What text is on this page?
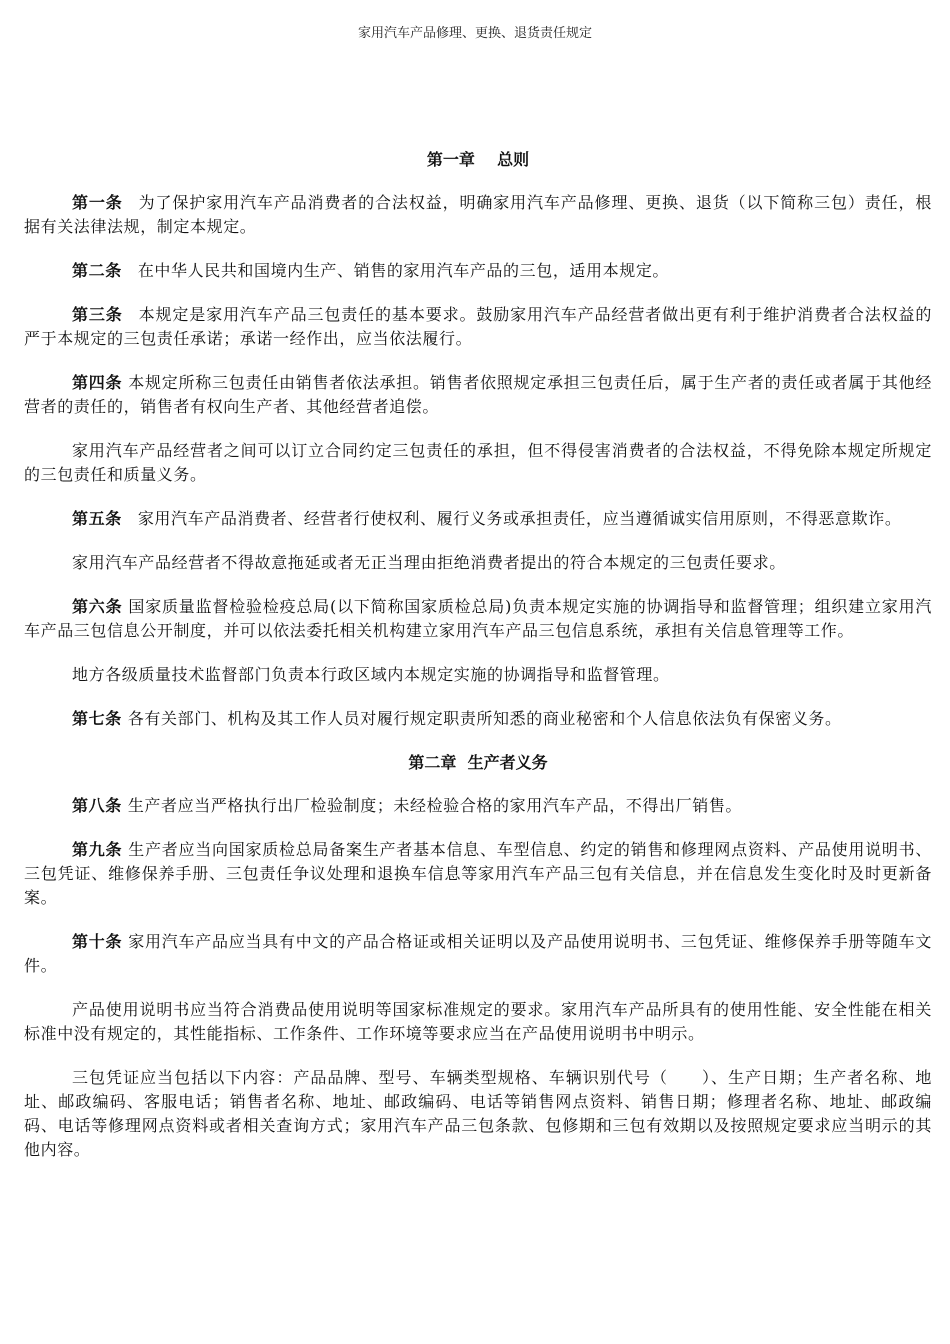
家用汽车产品修理、更换、退货责任规定
第一章    总则

第一条 为了保护家用汽车产品消费者的合法权益，明确家用汽车产品修理、更换、退货（以下简称三包）责任，根据有关法律法规，制定本规定。

第二条 在中华人民共和国境内生产、销售的家用汽车产品的三包，适用本规定。

第三条 本规定是家用汽车产品三包责任的基本要求。鼓励家用汽车产品经营者做出更有利于维护消费者合法权益的严于本规定的三包责任承诺；承诺一经作出，应当依法履行。

第四条 本规定所称三包责任由销售者依法承担。销售者依照规定承担三包责任后，属于生产者的责任或者属于其他经营者的责任的，销售者有权向生产者、其他经营者追偿。

家用汽车产品经营者之间可以订立合同约定三包责任的承担，但不得侵害消费者的合法权益，不得免除本规定所规定的三包责任和质量义务。

第五条 家用汽车产品消费者、经营者行使权利、履行义务或承担责任，应当遵循诚实信用原则，不得恶意欺诈。

家用汽车产品经营者不得故意拖延或者无正当理由拒绝消费者提出的符合本规定的三包责任要求。

第六条 国家质量监督检验检疫总局(以下简称国家质检总局)负责本规定实施的协调指导和监督管理；组织建立家用汽车产品三包信息公开制度，并可以依法委托相关机构建立家用汽车产品三包信息系统，承担有关信息管理等工作。

地方各级质量技术监督部门负责本行政区域内本规定实施的协调指导和监督管理。

第七条 各有关部门、机构及其工作人员对履行规定职责所知悉的商业秘密和个人信息依法负有保密义务。

第二章  生产者义务

第八条 生产者应当严格执行出厂检验制度；未经检验合格的家用汽车产品，不得出厂销售。

第九条 生产者应当向国家质检总局备案生产者基本信息、车型信息、约定的销售和修理网点资料、产品使用说明书、三包凭证、维修保养手册、三包责任争议处理和退换车信息等家用汽车产品三包有关信息，并在信息发生变化时及时更新备案。

第十条 家用汽车产品应当具有中文的产品合格证或相关证明以及产品使用说明书、三包凭证、维修保养手册等随车文件。

产品使用说明书应当符合消费品使用说明等国家标准规定的要求。家用汽车产品所具有的使用性能、安全性能在相关标准中没有规定的，其性能指标、工作条件、工作环境等要求应当在产品使用说明书中明示。

三包凭证应当包括以下内容：产品品牌、型号、车辆类型规格、车辆识别代号（　　）、生产日期；生产者名称、地址、邮政编码、客服电话；销售者名称、地址、邮政编码、电话等销售网点资料、销售日期；修理者名称、地址、邮政编码、电话等修理网点资料或者相关查询方式；家用汽车产品三包条款、包修期和三包有效期以及按照规定要求应当明示的其他内容。
